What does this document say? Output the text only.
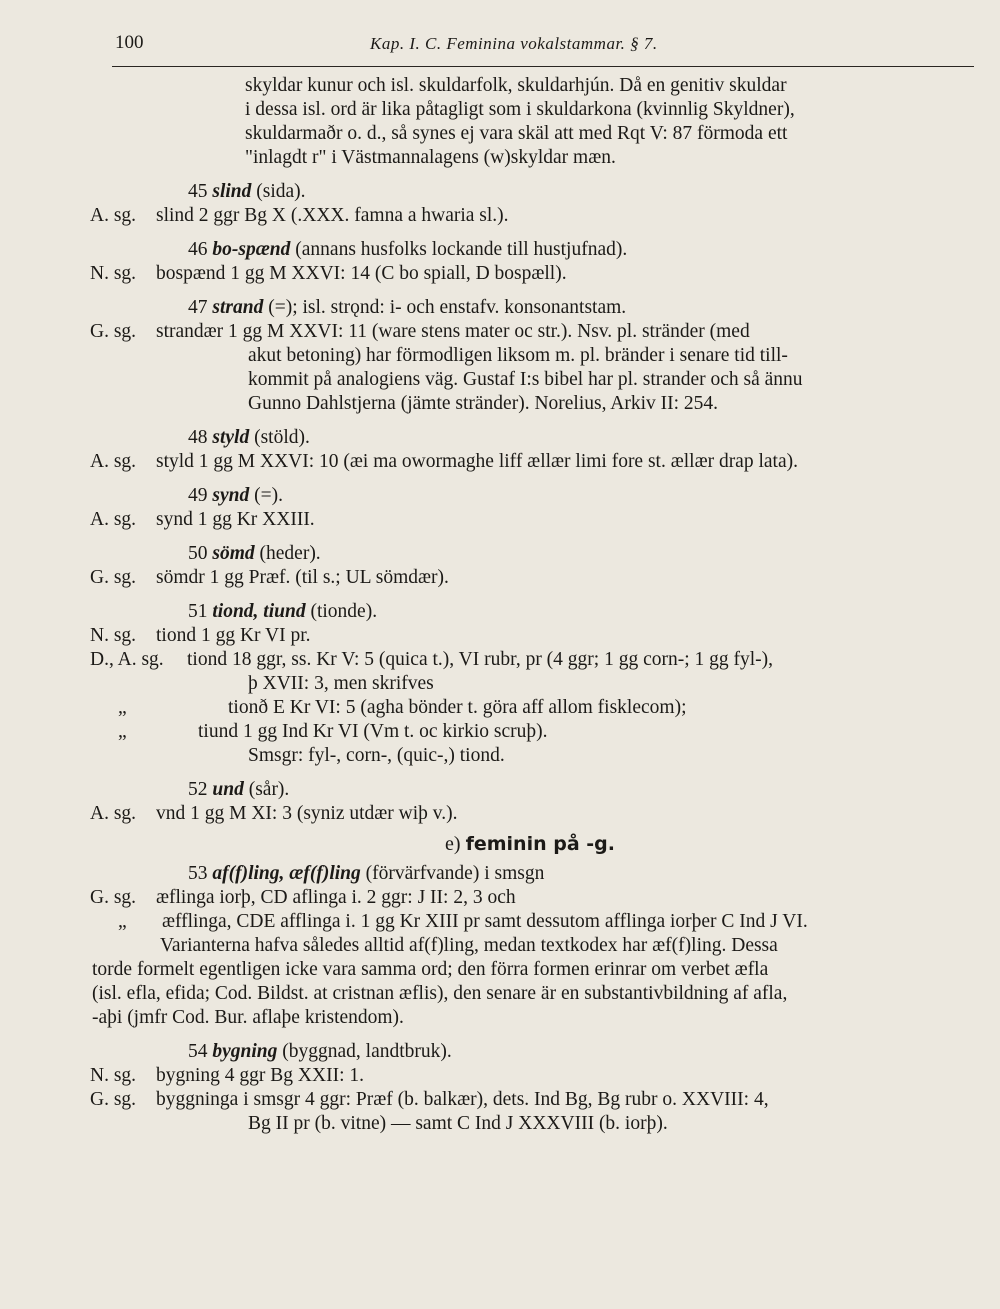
100	Kap. I. C. Feminina vokalstammar. § 7.
skyldar kunur och isl. skuldarfolk, skuldarhjún. Då en genitiv skuldar
i dessa isl. ord är lika påtagligt som i skuldarkona (kvinnlig Skyldner),
skuldarmaðr o. d., så synes ej vara skäl att med Rqt V: 87 förmoda ett
"inlagdt r" i Västmannalagens (w)skyldar mæn.
45 slind (sida).
A. sg. slind 2 ggr Bg X (.XXX. famna a hwaria sl.).
46 bo-spænd (annans husfolks lockande till hustjufnad).
N. sg. bospænd 1 gg M XXVI: 14 (C bo spiall, D bospæll).
47 strand (=); isl. strǫnd: i- och enstafv. konsonantstam.
G. sg. strandær 1 gg M XXVI: 11 (ware stens mater oc str.). Nsv. pl. stränder (med
akut betoning) har förmodligen liksom m. pl. bränder i senare tid till-
kommit på analogiens väg. Gustaf I:s bibel har pl. strander och så ännu
Gunno Dahlstjerna (jämte stränder). Norelius, Arkiv II: 254.
48 styld (stöld).
A. sg. styld 1 gg M XXVI: 10 (æi ma owormaghe liff ællær limi fore st. ællær drap lata).
49 synd (=).
A. sg. synd 1 gg Kr XXIII.
50 sömd (heder).
G. sg. sömdr 1 gg Præf. (til s.; UL sömdær).
51 tiond, tiund (tionde).
N. sg. tiond 1 gg Kr VI pr.
D., A. sg. tiond 18 ggr, ss. Kr V: 5 (quica t.), VI rubr, pr (4 ggr; 1 gg corn-; 1 gg fyl-),
þ XVII: 3, men skrifves
„	tionð E Kr VI: 5 (agha bönder t. göra aff allom fisklecom);
„	tiund 1 gg Ind Kr VI (Vm t. oc kirkio scruþ).
Smsgr: fyl-, corn-, (quic-,) tiond.
52 und (sår).
A. sg. vnd 1 gg M XI: 3 (syniz utdær wiþ v.).
e) feminin på -g.
53 af(f)ling, æf(f)ling (förvärfvande) i smsgn
G. sg. æflinga iorþ, CD aflinga i. 2 ggr: J II: 2, 3 och
„ æfflinga, CDE afflinga i. 1 gg Kr XIII pr samt dessutom afflinga iorþer C Ind J VI.
Varianterna hafva således alltid af(f)ling, medan textkodex har æf(f)ling. Dessa
torde formelt egentligen icke vara samma ord; den förra formen erinrar om verbet æfla
(isl. efla, efida; Cod. Bildst. at cristnan æflis), den senare är en substantivbildning af afla,
-aþi (jmfr Cod. Bur. aflaþe kristendom).
54 bygning (byggnad, landtbruk).
N. sg. bygning 4 ggr Bg XXII: 1.
G. sg. byggninga i smsgr 4 ggr: Præf (b. balkær), dets. Ind Bg, Bg rubr o. XXVIII: 4,
Bg II pr (b. vitne) — samt C Ind J XXXVIII (b. iorþ).
